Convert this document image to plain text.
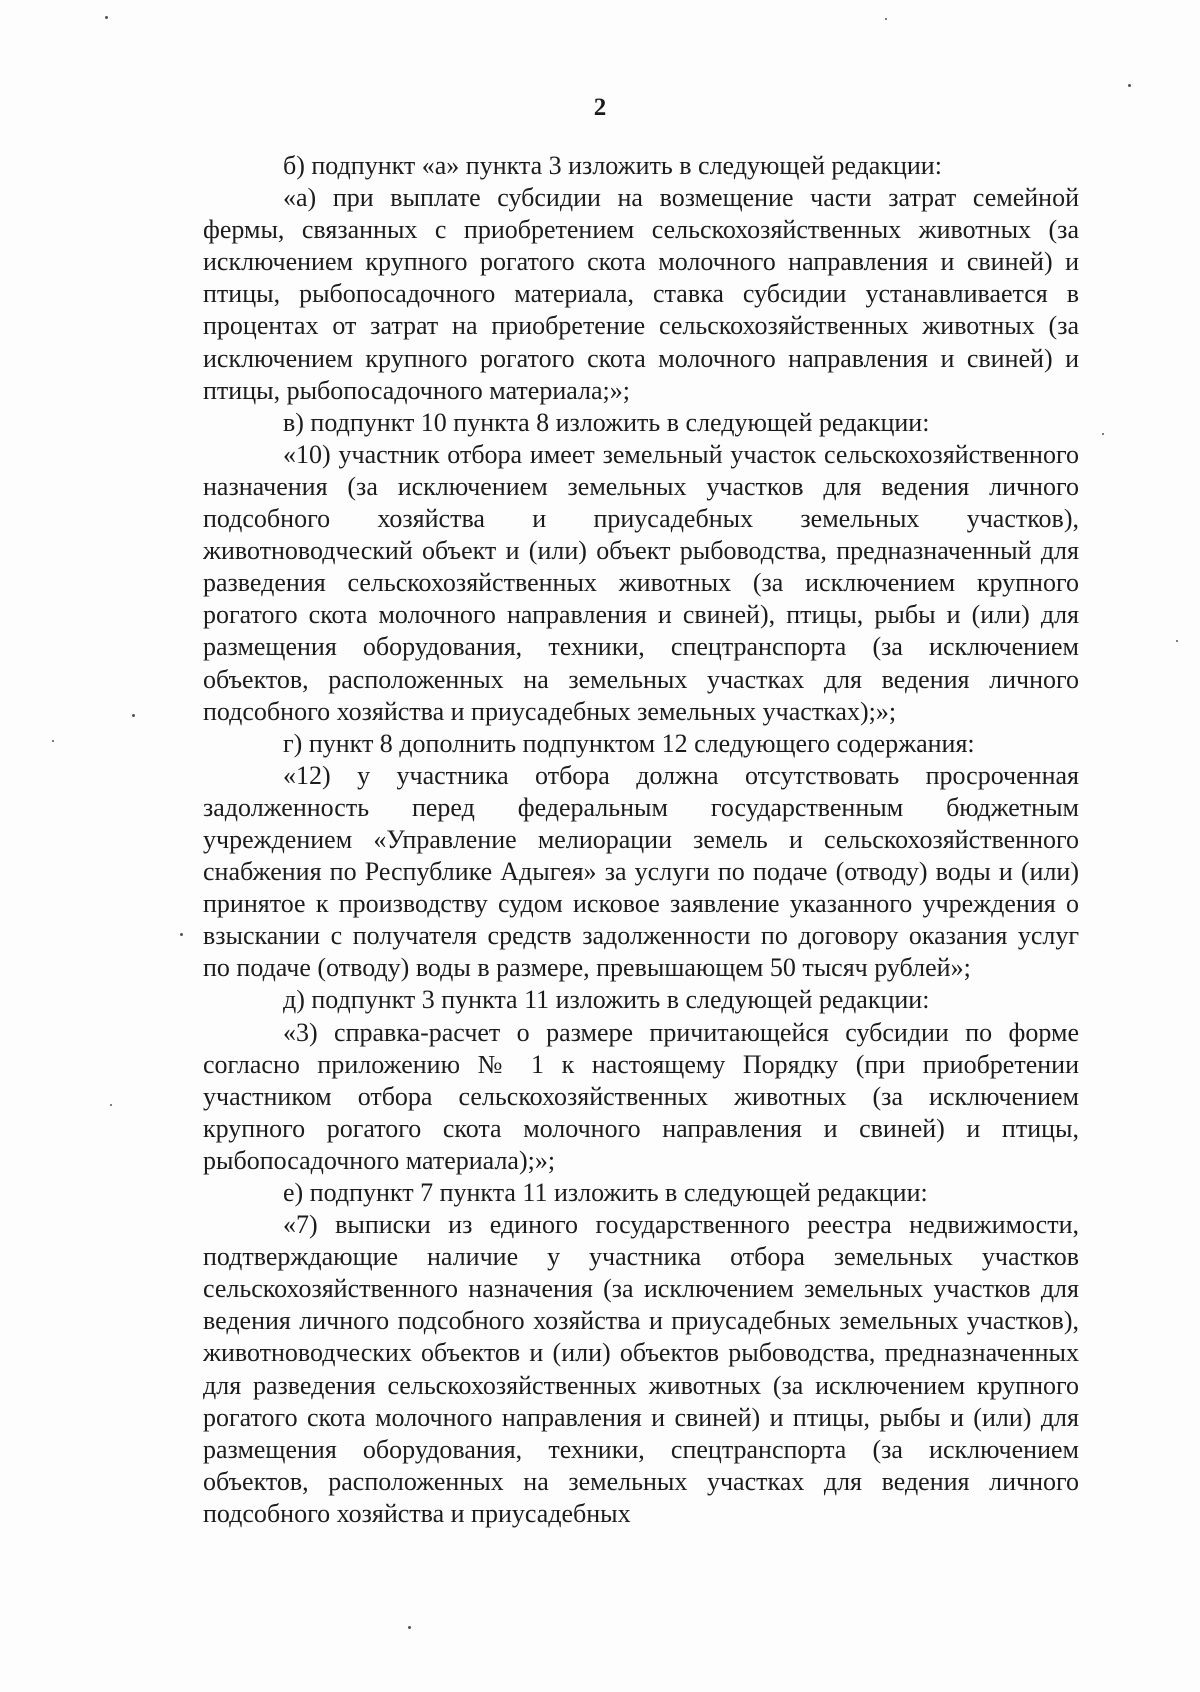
2

б) подпункт «а» пункта 3 изложить в следующей редакции:

«а) при выплате субсидии на возмещение части затрат семейной фермы, связанных с приобретением сельскохозяйственных животных (за исключением крупного рогатого скота молочного направления и свиней) и птицы, рыбопосадочного материала, ставка субсидии устанавливается в процентах от затрат на приобретение сельскохозяйственных животных (за исключением крупного рогатого скота молочного направления и свиней) и птицы, рыбопосадочного материала;»;

в) подпункт 10 пункта 8 изложить в следующей редакции:

«10) участник отбора имеет земельный участок сельскохозяйственного назначения (за исключением земельных участков для ведения личного подсобного хозяйства и приусадебных земельных участков), животноводческий объект и (или) объект рыбоводства, предназначенный для разведения сельскохозяйственных животных (за исключением крупного рогатого скота молочного направления и свиней), птицы, рыбы и (или) для размещения оборудования, техники, спецтранспорта (за исключением объектов, расположенных на земельных участках для ведения личного подсобного хозяйства и приусадебных земельных участках);»;

г) пункт 8 дополнить подпунктом 12 следующего содержания:

«12) у участника отбора должна отсутствовать просроченная задолженность перед федеральным государственным бюджетным учреждением «Управление мелиорации земель и сельскохозяйственного снабжения по Республике Адыгея» за услуги по подаче (отводу) воды и (или) принятое к производству судом исковое заявление указанного учреждения о взыскании с получателя средств задолженности по договору оказания услуг по подаче (отводу) воды в размере, превышающем 50 тысяч рублей»;

д) подпункт 3 пункта 11 изложить в следующей редакции:

«3) справка-расчет о размере причитающейся субсидии по форме согласно приложению № 1 к настоящему Порядку (при приобретении участником отбора сельскохозяйственных животных (за исключением крупного рогатого скота молочного направления и свиней) и птицы, рыбопосадочного материала);»;

е) подпункт 7 пункта 11 изложить в следующей редакции:

«7) выписки из единого государственного реестра недвижимости, подтверждающие наличие у участника отбора земельных участков сельскохозяйственного назначения (за исключением земельных участков для ведения личного подсобного хозяйства и приусадебных земельных участков), животноводческих объектов и (или) объектов рыбоводства, предназначенных для разведения сельскохозяйственных животных (за исключением крупного рогатого скота молочного направления и свиней) и птицы, рыбы и (или) для размещения оборудования, техники, спецтранспорта (за исключением объектов, расположенных на земельных участках для ведения личного подсобного хозяйства и приусадебных
